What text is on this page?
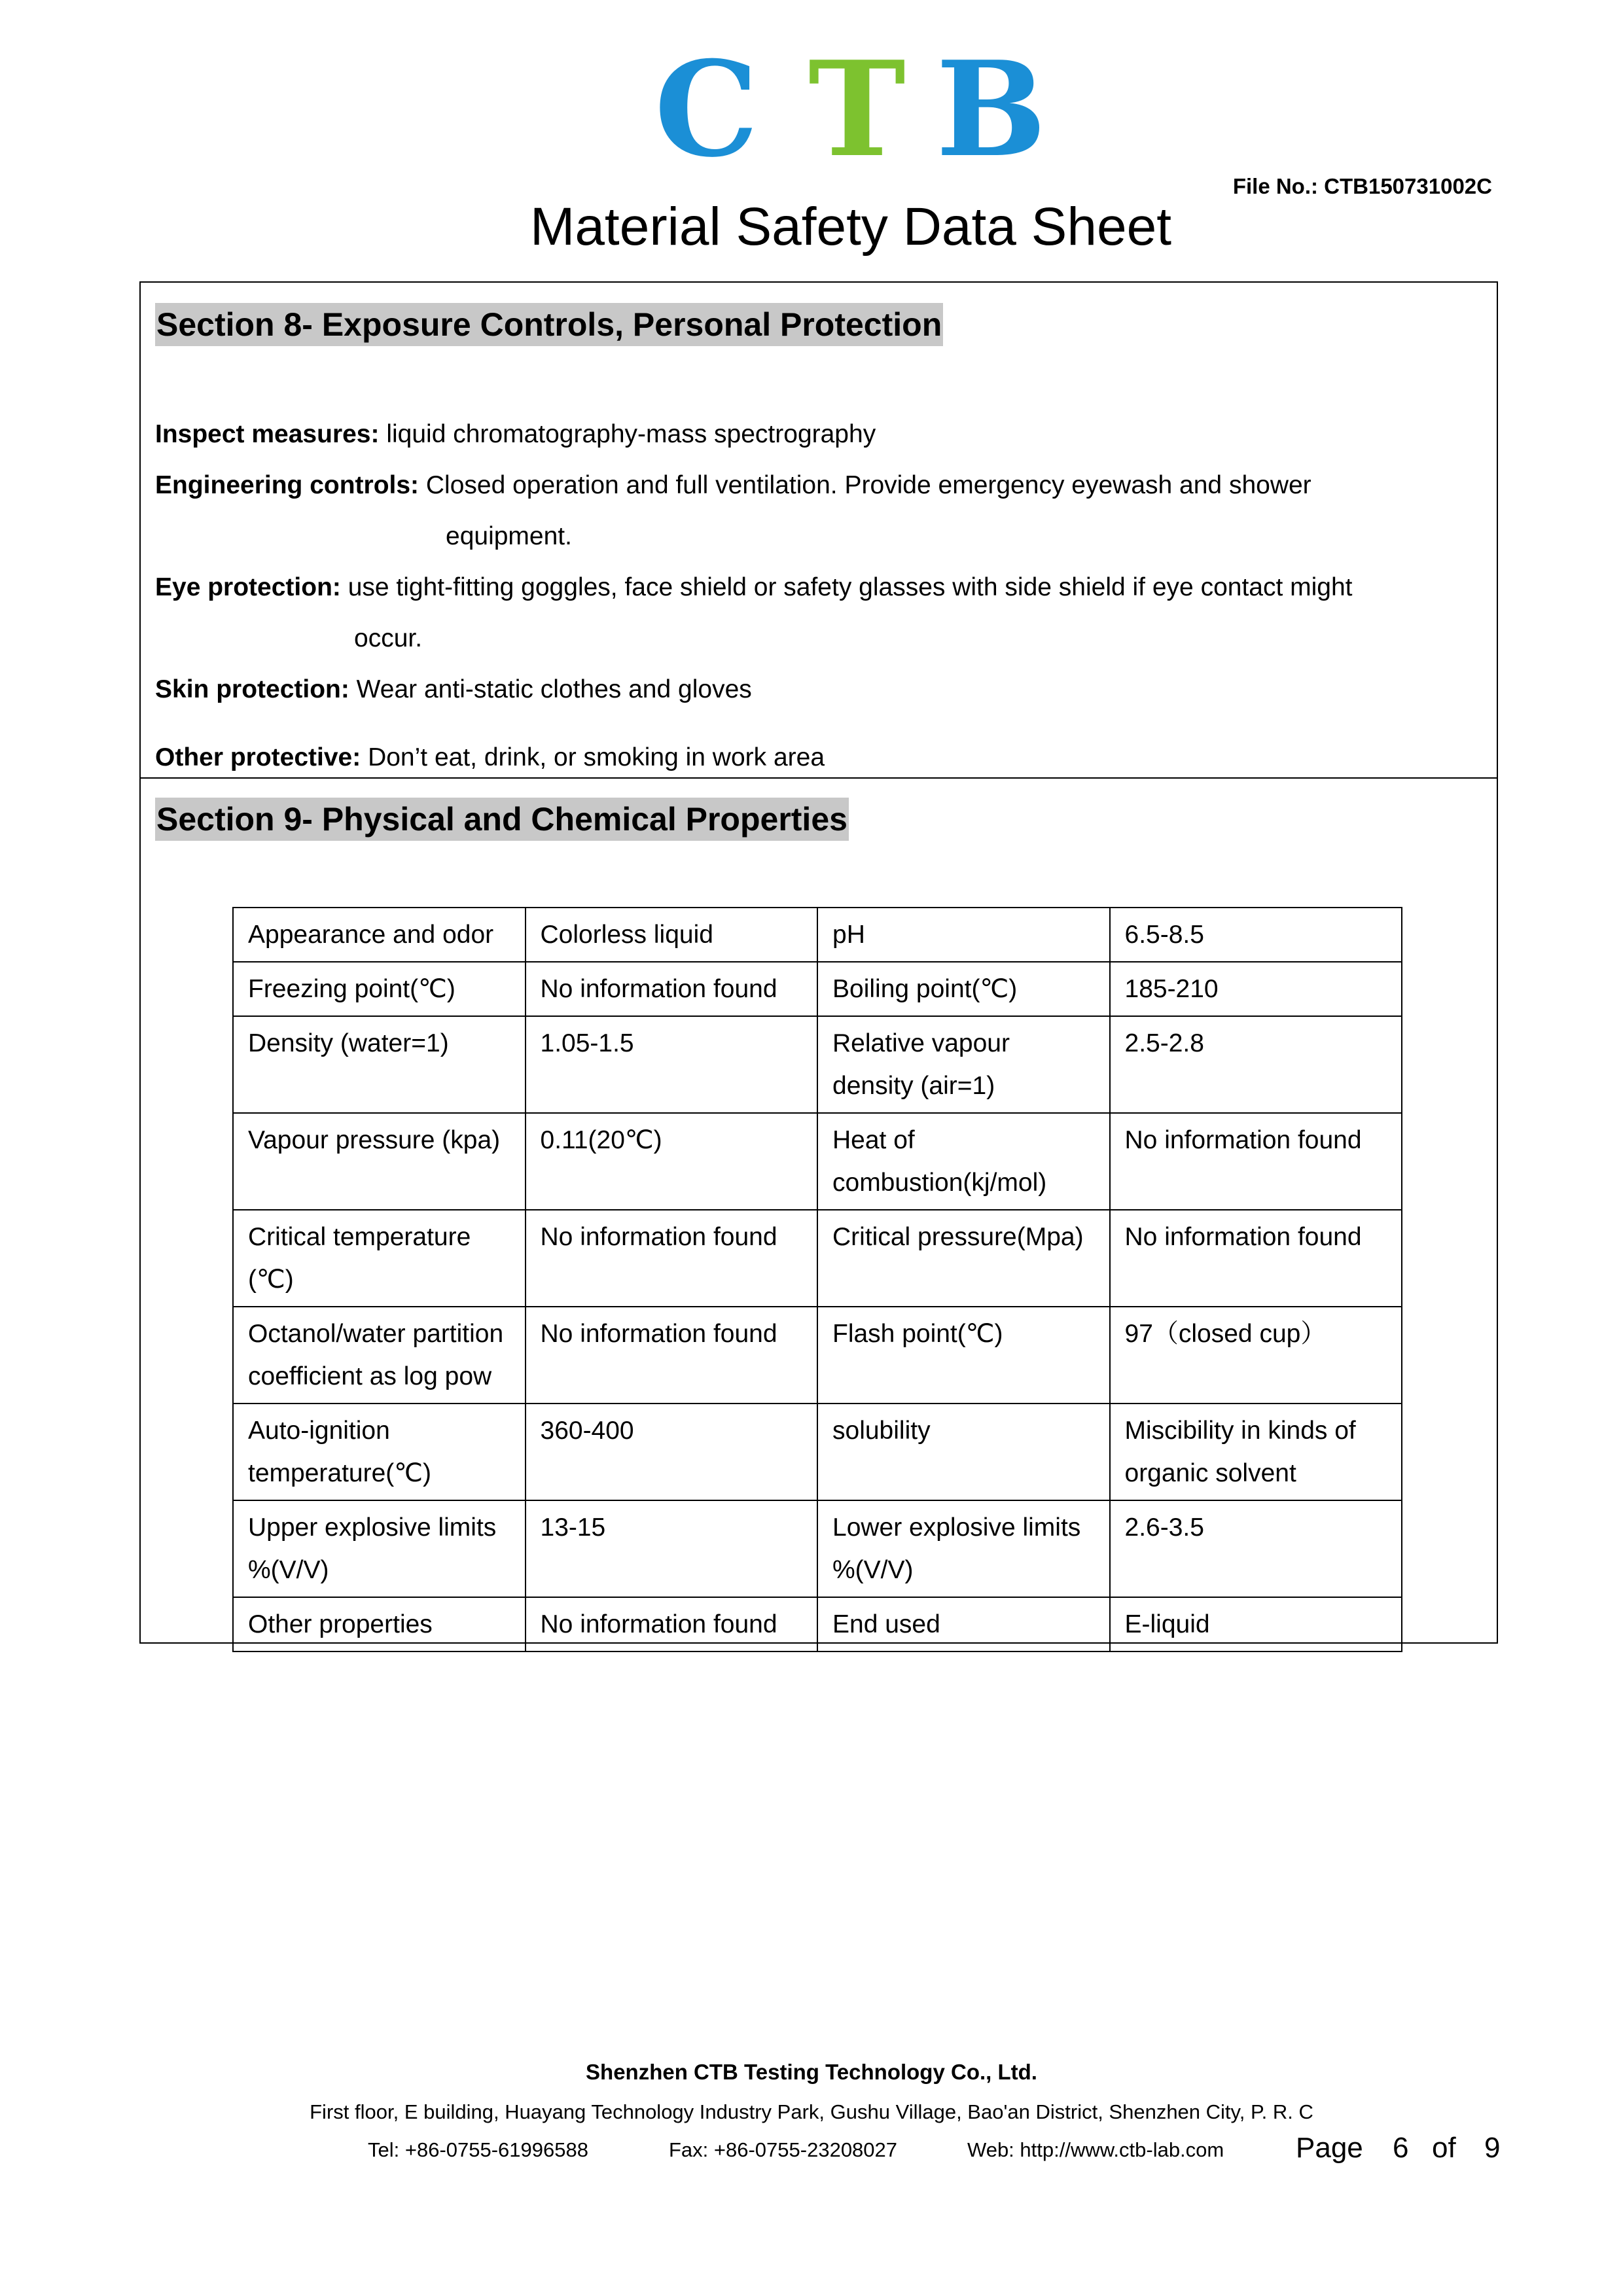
C T B	File No.: CTB150731002C
Material Safety Data Sheet
Section 8- Exposure Controls, Personal Protection
Inspect measures: liquid chromatography-mass spectrography
Engineering controls: Closed operation and full ventilation. Provide emergency eyewash and shower
equipment.
Eye protection: use tight-fitting goggles, face shield or safety glasses with side shield if eye contact might
occur.
Skin protection: Wear anti-static clothes and gloves
Other protective: Don’t eat, drink, or smoking in work area
Section 9- Physical and Chemical Properties
Appearance and odor	Colorless liquid	pH	6.5-8.5
Freezing point(℃)	No information found	Boiling point(℃)	185-210
Density (water=1)	1.05-1.5	Relative vapour density (air=1)	2.5-2.8
Vapour pressure (kpa)	0.11(20℃)	Heat of combustion(kj/mol)	No information found
Critical temperature (℃)	No information found	Critical pressure(Mpa)	No information found
Octanol/water partition coefficient as log pow	No information found	Flash point(℃)	97（closed cup）
Auto-ignition temperature(℃)	360-400	solubility	Miscibility in kinds of organic solvent
Upper explosive limits %(V/V)	13-15	Lower explosive limits %(V/V)	2.6-3.5
Other properties	No information found	End used	E-liquid
Shenzhen CTB Testing Technology Co., Ltd.
First floor, E building, Huayang Technology Industry Park, Gushu Village, Bao'an District, Shenzhen City, P. R. C
Tel: +86-0755-61996588	Fax: +86-0755-23208027	Web: http://www.ctb-lab.com Page 6 of 9
